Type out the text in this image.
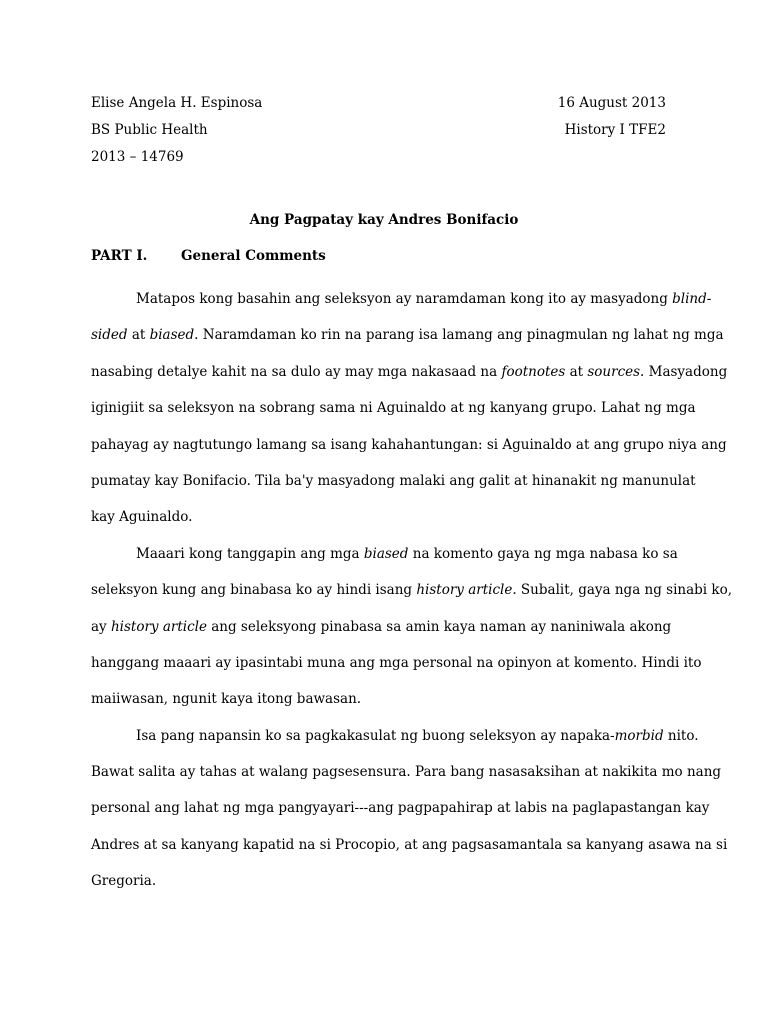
Elise Angela H. Espinosa	16 August 2013
BS Public Health	History I TFE2
2013 – 14769
Ang Pagpatay kay Andres Bonifacio
PART I. General Comments
Matapos kong basahin ang seleksyon ay naramdaman kong ito ay masyadong blind-
sided at biased. Naramdaman ko rin na parang isa lamang ang pinagmulan ng lahat ng mga
nasabing detalye kahit na sa dulo ay may mga nakasaad na footnotes at sources. Masyadong
iginigiit sa seleksyon na sobrang sama ni Aguinaldo at ng kanyang grupo. Lahat ng mga
pahayag ay nagtutungo lamang sa isang kahahantungan: si Aguinaldo at ang grupo niya ang
pumatay kay Bonifacio. Tila ba'y masyadong malaki ang galit at hinanakit ng manunulat
kay Aguinaldo.
Maaari kong tanggapin ang mga biased na komento gaya ng mga nabasa ko sa
seleksyon kung ang binabasa ko ay hindi isang history article. Subalit, gaya nga ng sinabi ko,
ay history article ang seleksyong pinabasa sa amin kaya naman ay naniniwala akong
hanggang maaari ay ipasintabi muna ang mga personal na opinyon at komento. Hindi ito
maiiwasan, ngunit kaya itong bawasan.
Isa pang napansin ko sa pagkakasulat ng buong seleksyon ay napaka-morbid nito.
Bawat salita ay tahas at walang pagsesensura. Para bang nasasaksihan at nakikita mo nang
personal ang lahat ng mga pangyayari---ang pagpapahirap at labis na paglapastangan kay
Andres at sa kanyang kapatid na si Procopio, at ang pagsasamantala sa kanyang asawa na si
Gregoria.
